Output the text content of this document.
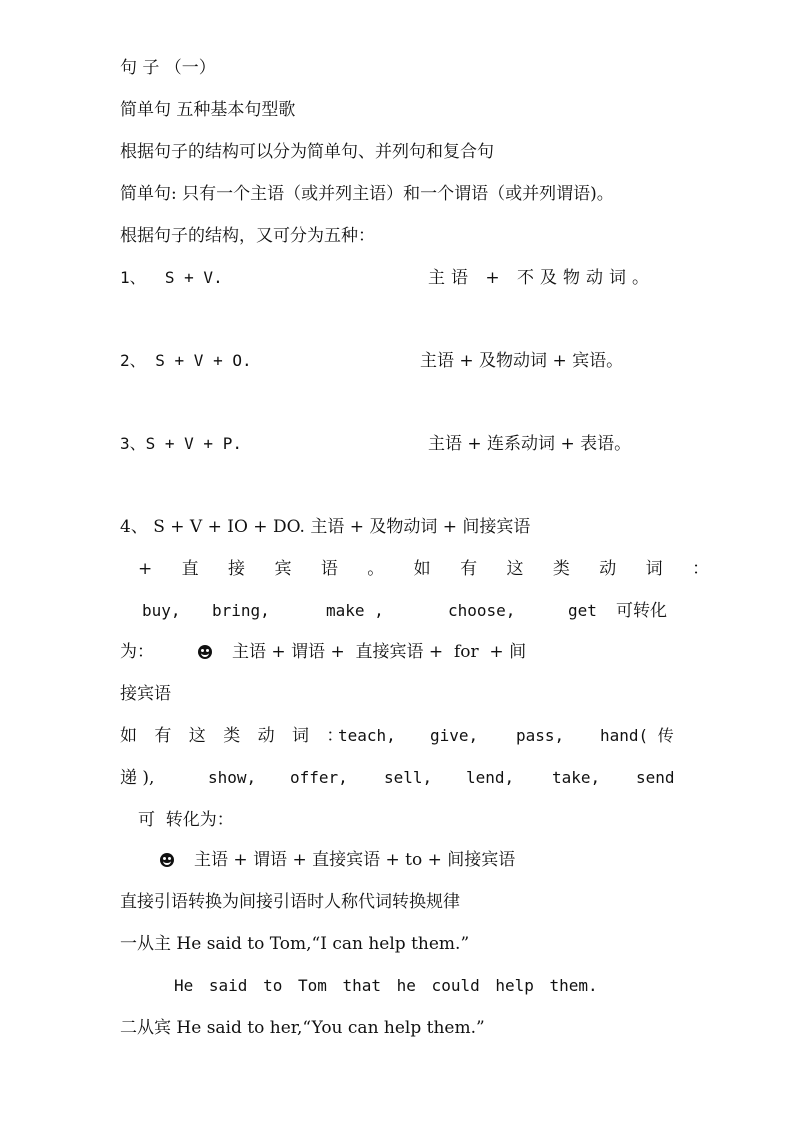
句 子 （一）
简单句 五种基本句型歌
根据句子的结构可以分为简单句、并列句和复合句
简单句: 只有一个主语（或并列主语）和一个谓语（或并列谓语)。
根据句子的结构，又可分为五种：
1、  S + V.	主语 + 不及物动词。
2、 S + V + O.	主语 + 及物动词 + 宾语。
3、S + V + P.	主语 + 连系动词 + 表语。
4、 S + V + IO + DO. 主语 + 及物动词 + 间接宾语
+ 直 接 宾 语 。 如 有 这 类 动 词 ：
buy, bring,	make ,	choose,	get 可转化
为：	主语 + 谓语 +  直接宾语 +  for  + 间
接宾语
如 有 这 类 动 词 ：
teach, give, pass, hand( 传
递 ),	show, offer, sell, lend, take, send
可  转化为：
主语 + 谓语 + 直接宾语 + to + 间接宾语
直接引语转换为间接引语时人称代词转换规律
一从主 He said to Tom,“I can help them.”
He said to Tom that he could help them.
二从宾 He said to her,“You can help them.”
